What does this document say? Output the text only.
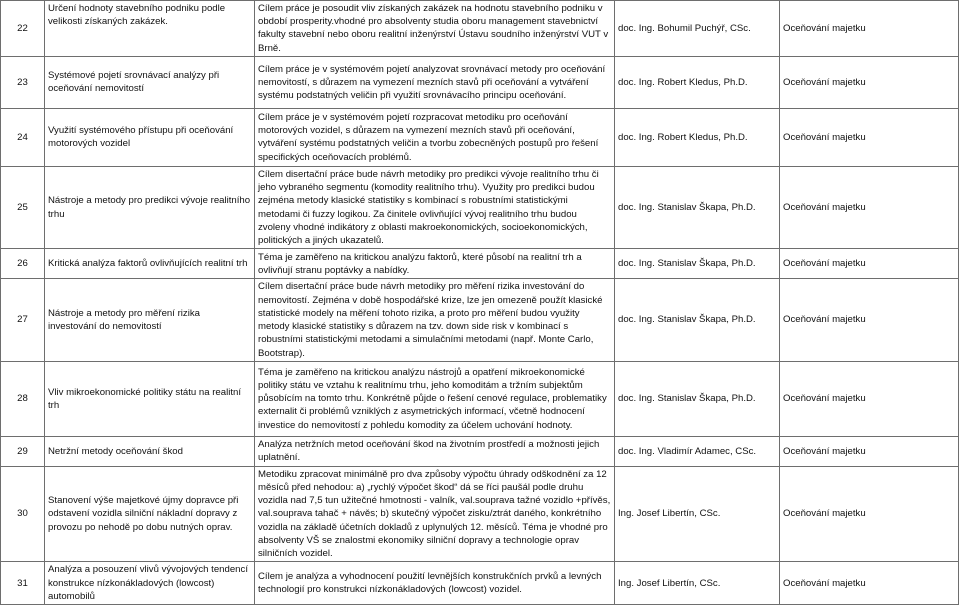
22	Určení hodnoty stavebního podniku podle velikosti získaných zakázek.	Cílem práce je posoudit vliv získaných zakázek na hodnotu stavebního podniku v období prosperity.vhodné pro absolventy studia oboru management stavebnictví fakulty stavební nebo oboru realitní inženýrství Ústavu soudního inženýrství VUT v Brně.	doc. Ing. Bohumil Puchýř, CSc.	Oceňování majetku
23	Systémové pojetí srovnávací analýzy při oceňování nemovitostí	Cílem práce je v systémovém pojetí analyzovat srovnávací metody pro oceňování nemovitostí, s důrazem na vymezení mezních stavů při oceňování a vytváření systému podstatných veličin při využití srovnávacího principu oceňování.	doc. Ing. Robert Kledus, Ph.D.	Oceňování majetku
24	Využití systémového přístupu při oceňování motorových vozidel	Cílem práce je v systémovém pojetí rozpracovat metodiku pro oceňování motorových vozidel, s důrazem na vymezení mezních stavů při oceňování, vytváření systému podstatných veličin a tvorbu zobecněných postupů pro řešení specifických oceňovacích problémů.	doc. Ing. Robert Kledus, Ph.D.	Oceňování majetku
25	Nástroje a metody pro predikci vývoje realitního trhu	Cílem disertační práce bude návrh metodiky pro predikci vývoje realitního trhu či jeho vybraného segmentu (komodity realitního trhu). Využity pro predikci budou zejména metody klasické statistiky s kombinací s robustními statistickými metodami či fuzzy logikou. Za činitele ovlivňující vývoj realitního trhu budou zvoleny vhodné indikátory z oblasti makroekonomických, socioekonomických, politických a jiných ukazatelů.	doc. Ing. Stanislav Škapa, Ph.D.	Oceňování majetku
26	Kritická analýza faktorů ovlivňujících realitní trh	Téma je zaměřeno na kritickou analýzu faktorů, které působí na realitní trh a ovlivňují stranu poptávky a nabídky.	doc. Ing. Stanislav Škapa, Ph.D.	Oceňování majetku
27	Nástroje a metody pro měření rizika investování do nemovitostí	Cílem disertační práce bude návrh metodiky pro měření rizika investování do nemovitostí. Zejména v době hospodářské krize, lze jen omezeně použít klasické statistické modely na měření tohoto rizika, a proto pro měření budou využity metody klasické statistiky s důrazem na tzv. down side risk v kombinací s robustními statistickými metodami a simulačními metodami (např. Monte Carlo, Bootstrap).	doc. Ing. Stanislav Škapa, Ph.D.	Oceňování majetku
28	Vliv mikroekonomické politiky státu na realitní trh	Téma je zaměřeno na kritickou analýzu nástrojů a opatření mikroekonomické politiky státu ve vztahu k realitnímu trhu, jeho komoditám a tržním subjektům působícím na tomto trhu. Konkrétně půjde o řešení cenové regulace, problematiky externalit či problémů vzniklých z asymetrických informací, včetně hodnocení investice do nemovitostí z pohledu komodity za účelem uchování hodnoty.	doc. Ing. Stanislav Škapa, Ph.D.	Oceňování majetku
29	Netržní metody oceňování škod	Analýza netržních metod oceňování škod na životním prostředí a možnosti jejich uplatnění.	doc. Ing. Vladimír Adamec, CSc.	Oceňování majetku
30	Stanovení výše majetkové újmy dopravce při odstavení vozidla silniční nákladní dopravy z provozu po nehodě po dobu nutných oprav.	Metodiku zpracovat minimálně pro dva způsoby výpočtu úhrady odškodnění za 12 měsíců před nehodou: a) „rychlý výpočet škod“ dá se říci paušál podle druhu vozidla nad 7,5 tun užitečné hmotnosti - valník, val.souprava tažné vozidlo +přívěs, val.souprava tahač + návěs; b) skutečný výpočet zisku/ztrát daného, konkrétního vozidla na základě účetních dokladů z uplynulých 12. měsíců. Téma je vhodné pro absolventy VŠ se znalostmi ekonomiky silniční dopravy a technologie oprav silničních vozidel.	Ing. Josef Libertín, CSc.	Oceňování majetku
31	Analýza a posouzení vlivů vývojových tendencí konstrukce nízkonákladových (lowcost) automobilů	Cílem je analýza a vyhodnocení použití levnějších konstrukčních prvků a levných technologií pro konstrukci nízkonákladových (lowcost) vozidel.	Ing. Josef Libertín, CSc.	Oceňování majetku
